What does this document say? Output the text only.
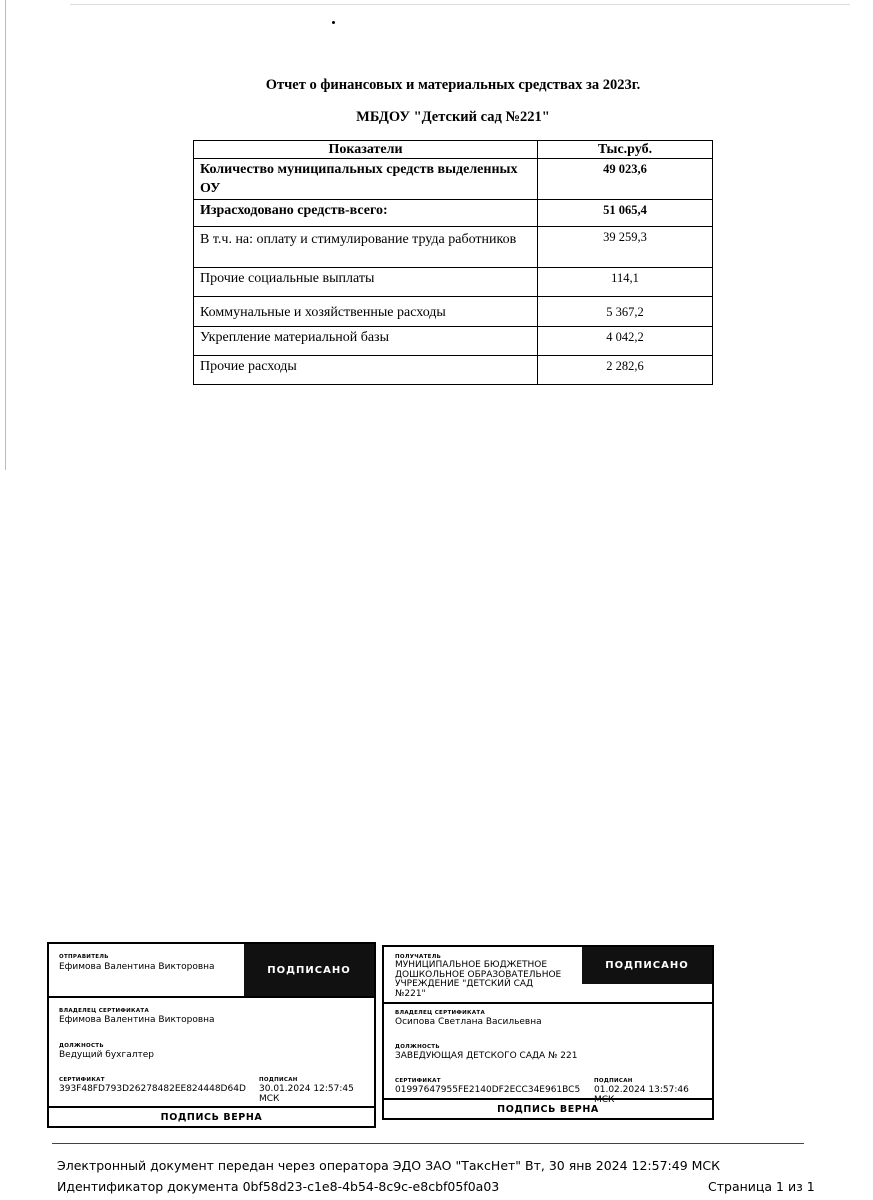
Отчет о финансовых и материальных средствах за 2023г.
МБДОУ "Детский сад №221"
Показатели	Тыс.руб.
Количество муниципальных средств выделенных ОУ	49 023,6
Израсходовано средств-всего:	51 065,4
В т.ч. на: оплату и стимулирование труда работников	39 259,3
Прочие социальные выплаты	114,1
Коммунальные и хозяйственные расходы	5 367,2
Укрепление материальной базы	4 042,2
Прочие расходы	2 282,6
ОТПРАВИТЕЛЬ
Ефимова Валентина Викторовна	ПОДПИСАНО
ВЛАДЕЛЕЦ СЕРТИФИКАТА
Ефимова Валентина Викторовна
ДОЛЖНОСТЬ
Ведущий бухгалтер
СЕРТИФИКАТ
393F48FD793D26278482EE824448D64D
ПОДПИСАН
30.01.2024 12:57:45 МСК
ПОДПИСЬ ВЕРНА
ПОЛУЧАТЕЛЬ
МУНИЦИПАЛЬНОЕ БЮДЖЕТНОЕ ДОШКОЛЬНОЕ ОБРАЗОВАТЕЛЬНОЕ УЧРЕЖДЕНИЕ "ДЕТСКИЙ САД №221"
ПОДПИСАНО
ВЛАДЕЛЕЦ СЕРТИФИКАТА
Осипова Светлана Васильевна
ДОЛЖНОСТЬ
ЗАВЕДУЮЩАЯ ДЕТСКОГО САДА № 221
СЕРТИФИКАТ
01997647955FE2140DF2ECC34E961BC5
ПОДПИСАН
01.02.2024 13:57:46 МСК
ПОДПИСЬ ВЕРНА
Электронный документ передан через оператора ЭДО ЗАО "ТаксНет" Вт, 30 янв 2024 12:57:49 МСК
Идентификатор документа 0bf58d23-c1e8-4b54-8c9c-e8cbf05f0a03	Страница 1 из 1
